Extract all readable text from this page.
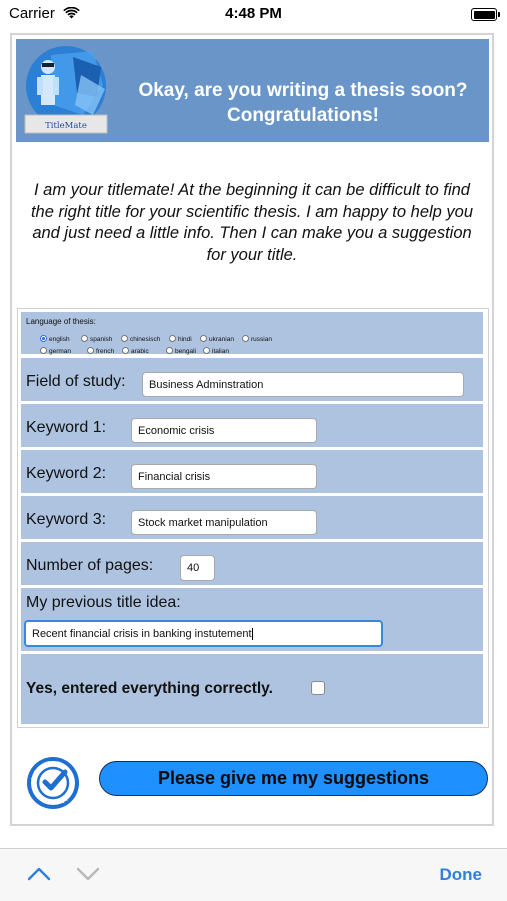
Carrier	4:48 PM
TitleMate
Okay, are you writing a thesis soon?
Congratulations!
I am your titlemate! At the beginning it can be difficult to find the right title for your scientific thesis. I am happy to help you and just need a little info. Then I can make you a suggestion for your title.
Language of thesis:
english	spanish	chinesisch	hindi	ukranian	russian
german	french	arabic	bengali italian
Field of study:	Business Adminstration
Keyword 1:	Economic crisis
Keyword 2:	Financial crisis
Keyword 3:	Stock market manipulation
Number of pages:	40
My previous title idea:
Recent financial crisis in banking instutement
Yes, entered everything correctly.
Scientifically
approve	Please give me my suggestions
Done
